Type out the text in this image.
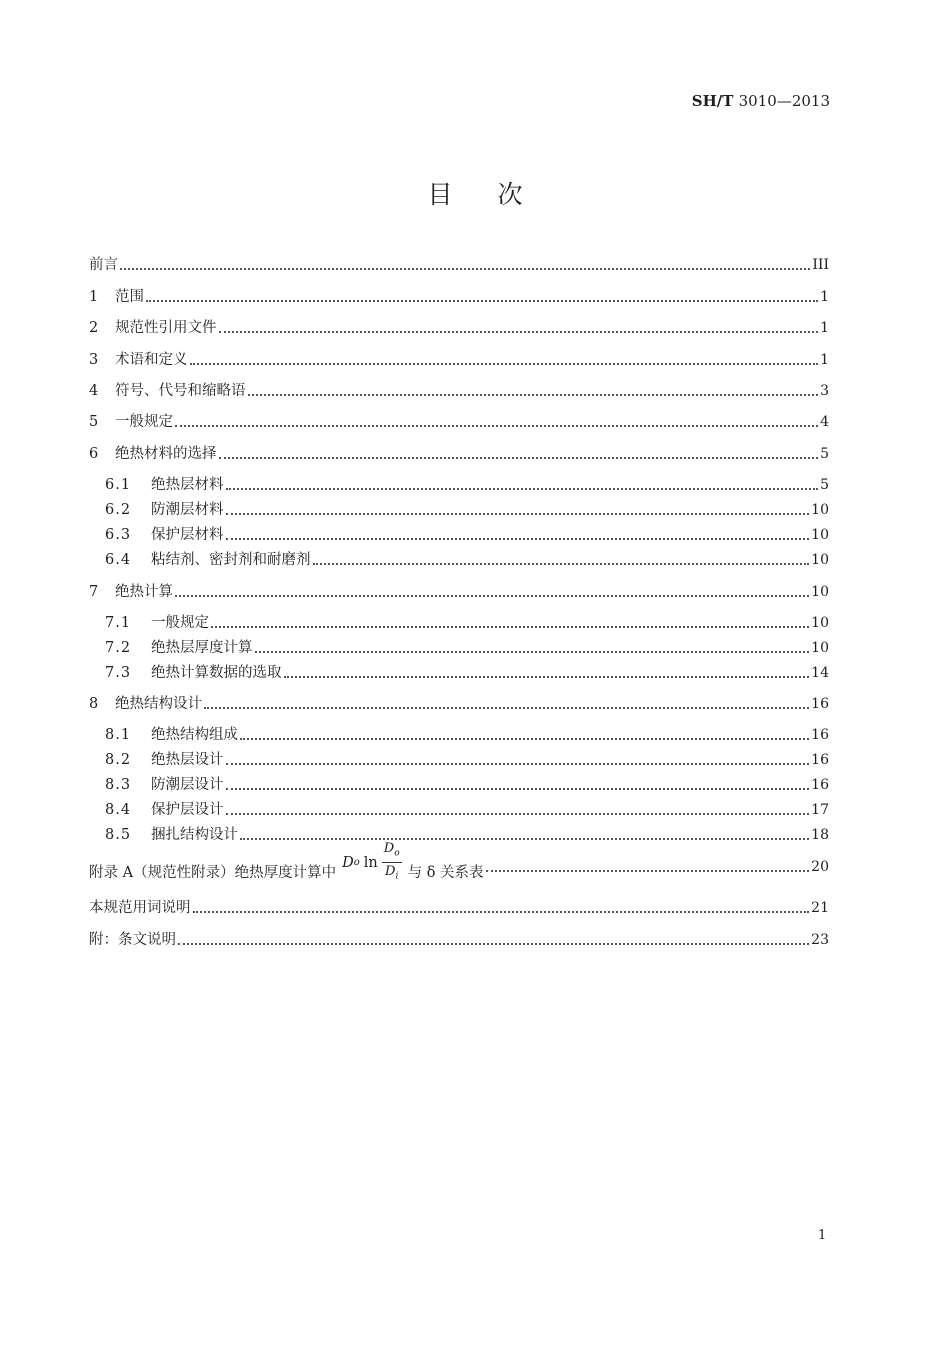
SH/T 3010—2013
目次
前言	III
1	范围	1
2	规范性引用文件	1
3	术语和定义	1
4	符号、代号和缩略语	3
5	一般规定	4
6	绝热材料的选择	5
6.1	绝热层材料	5
6.2	防潮层材料	10
6.3	保护层材料	10
6.4	粘结剂、密封剂和耐磨剂	10
7	绝热计算	10
7.1	一般规定	10
7.2	绝热层厚度计算	10
7.3	绝热计算数据的选取	14
8	绝热结构设计	16
8.1	绝热结构组成	16
8.2	绝热层设计	16
8.3	防潮层设计	16
8.4	保护层设计	17
8.5	捆扎结构设计	18
附录 A（规范性附录）绝热厚度计算中
D o $\ln \frac{D_o}{D_i}$ 与 δ 关系表	20
本规范用词说明	21
附：条文说明	23
1
